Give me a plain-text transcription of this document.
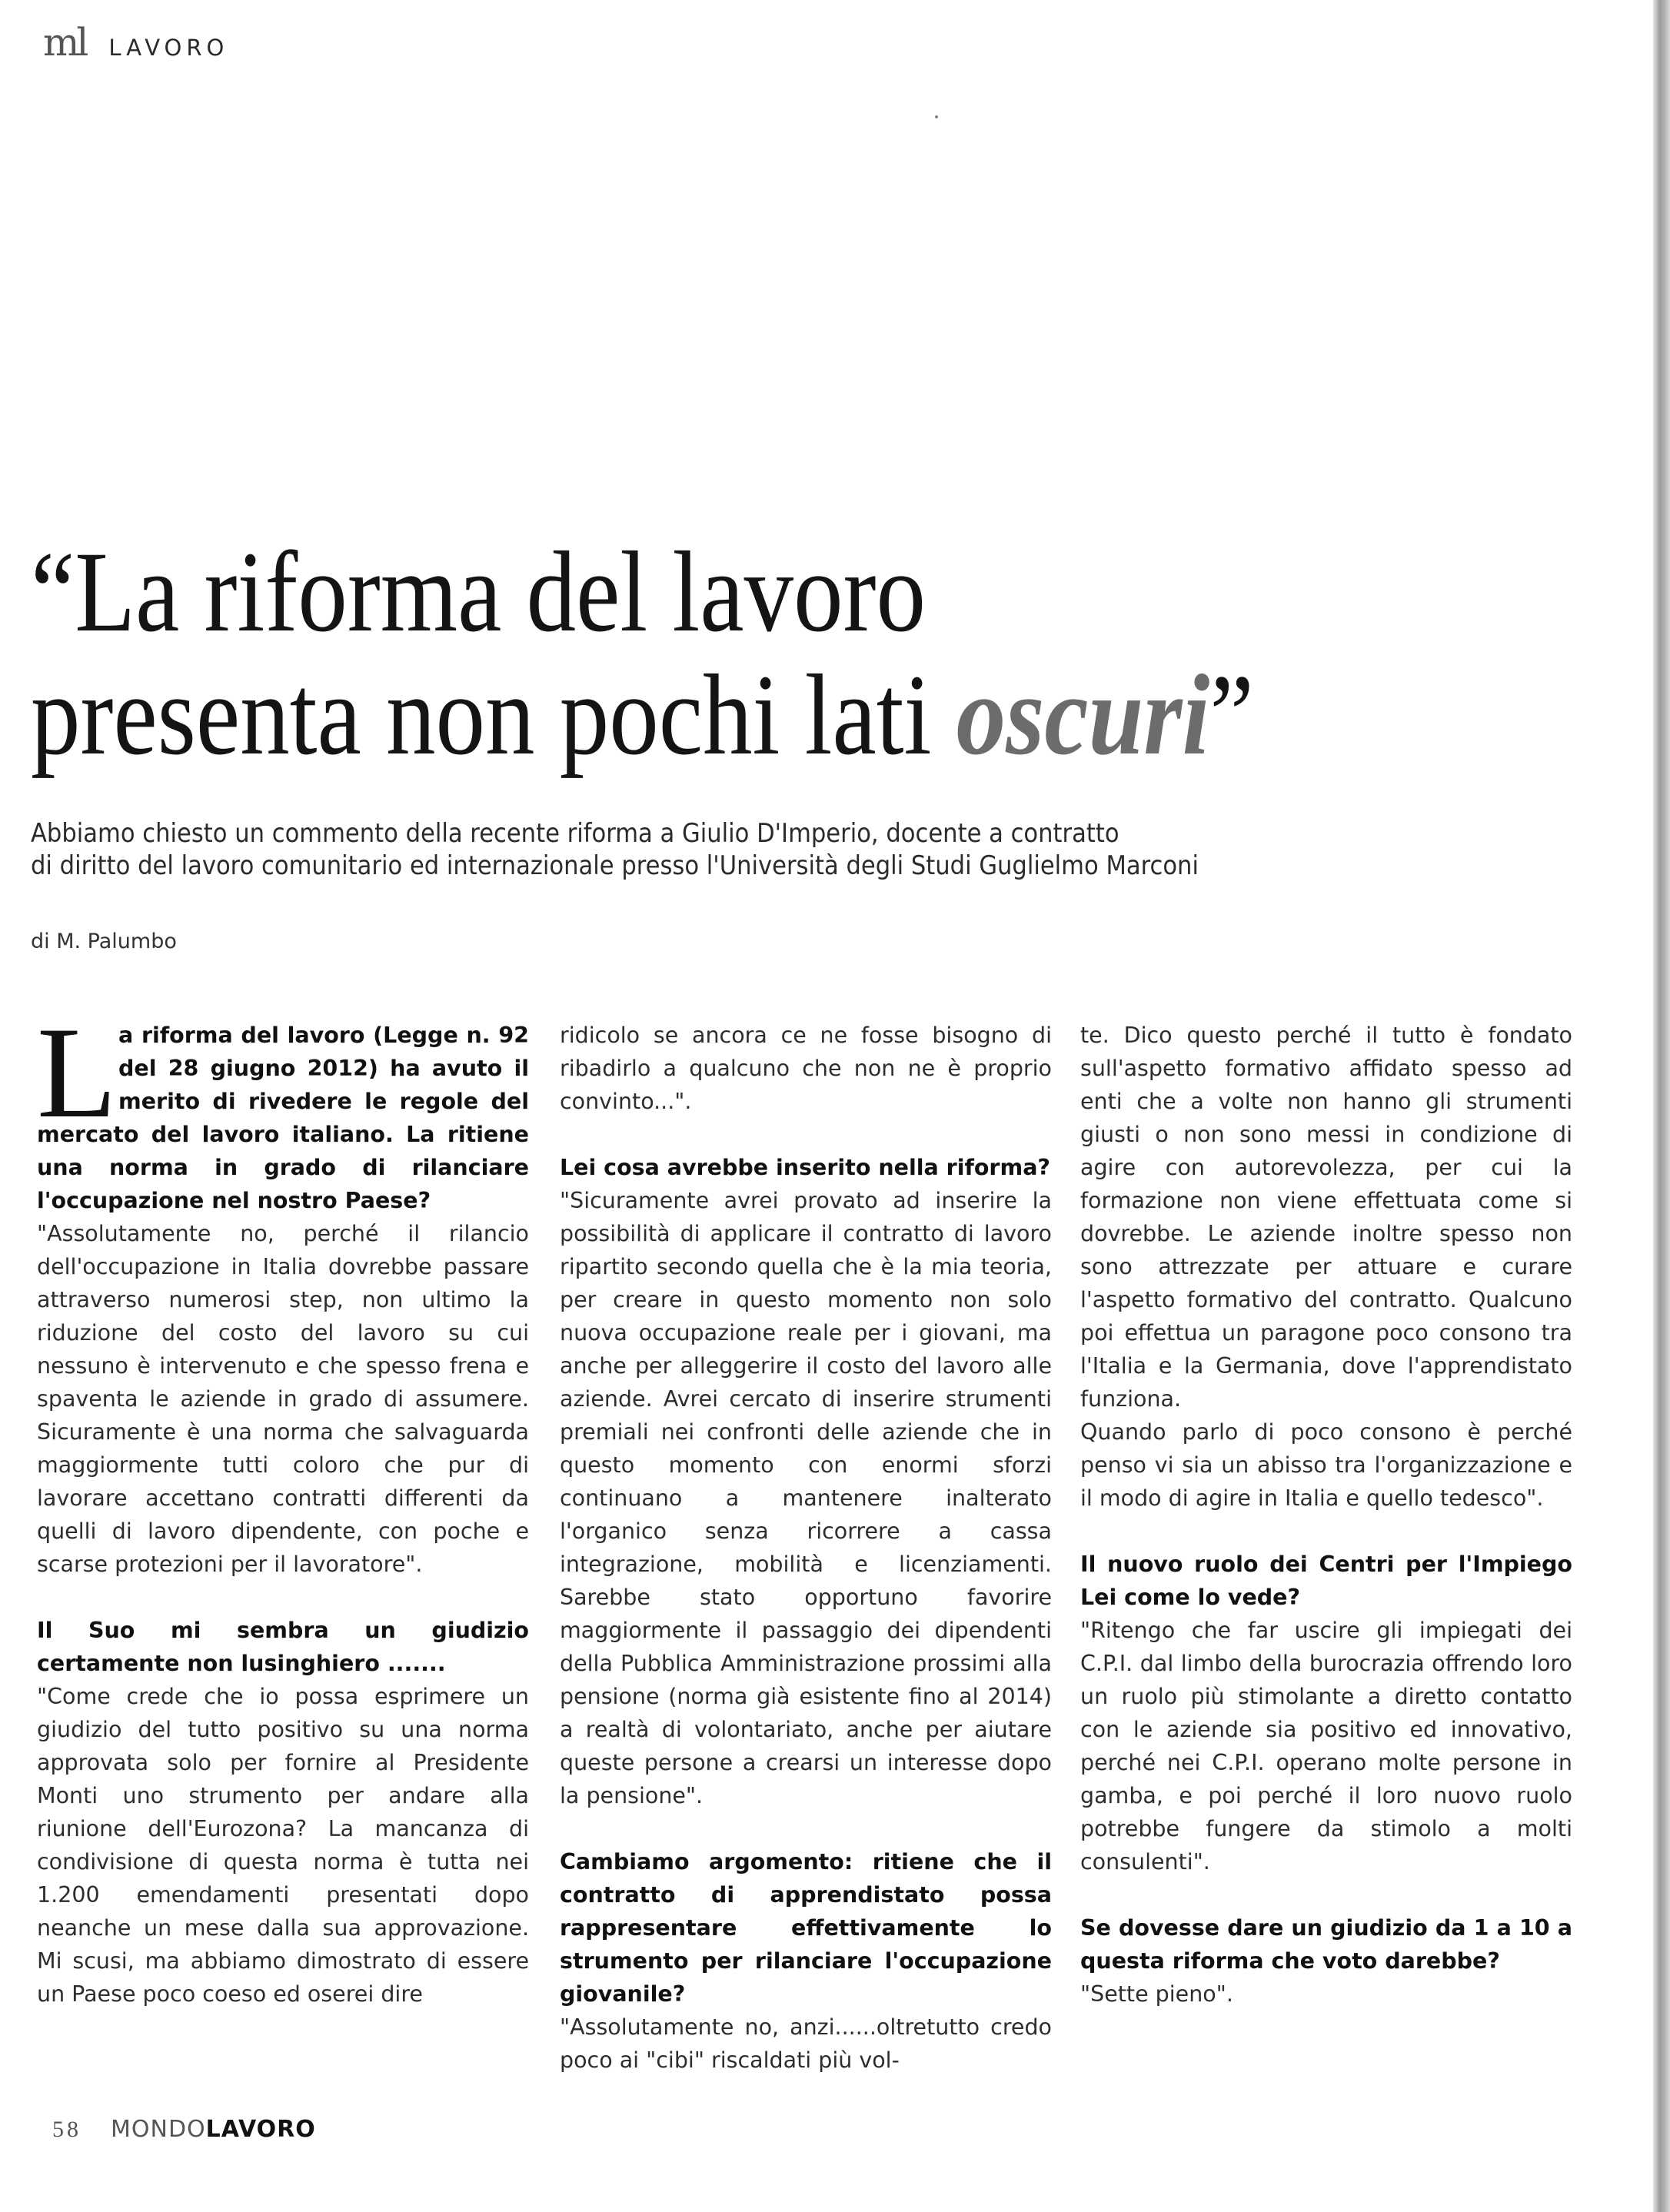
ml LAVORO
“La riforma del lavoro
presenta non pochi lati oscuri”
Abbiamo chiesto un commento della recente riforma a Giulio D'Imperio, docente a contratto
di diritto del lavoro comunitario ed internazionale presso l'Università degli Studi Guglielmo Marconi
di M. Palumbo
L a riforma del lavoro (Legge n. 92 del 28 giugno 2012) ha avuto il merito di rivedere le regole del mercato del lavoro italiano. La ritiene una norma in grado di rilanciare l'occupazione nel nostro Paese?

"Assolutamente no, perché il rilancio dell'occupazione in Italia dovrebbe passare attraverso numerosi step, non ultimo la riduzione del costo del lavoro su cui nessuno è intervenuto e che spesso frena e spaventa le aziende in grado di assumere. Sicuramente è una norma che salvaguarda maggiormente tutti coloro che pur di lavorare accettano contratti differenti da quelli di lavoro dipendente, con poche e scarse protezioni per il lavoratore".

Il Suo mi sembra un giudizio certamente non lusinghiero .......

"Come crede che io possa esprimere un giudizio del tutto positivo su una norma approvata solo per fornire al Presidente Monti uno strumento per andare alla riunione dell'Eurozona? La mancanza di condivisione di questa norma è tutta nei 1.200 emendamenti presentati dopo neanche un mese dalla sua approvazione. Mi scusi, ma abbiamo dimostrato di essere un Paese poco coeso ed oserei dire

ridicolo se ancora ce ne fosse bisogno di ribadirlo a qualcuno che non ne è proprio convinto...".

Lei cosa avrebbe inserito nella riforma?

"Sicuramente avrei provato ad inserire la possibilità di applicare il contratto di lavoro ripartito secondo quella che è la mia teoria, per creare in questo momento non solo nuova occupazione reale per i giovani, ma anche per alleggerire il costo del lavoro alle aziende. Avrei cercato di inserire strumenti premiali nei confronti delle aziende che in questo momento con enormi sforzi continuano a mantenere inalterato l'organico senza ricorrere a cassa integrazione, mobilità e licenziamenti. Sarebbe stato opportuno favorire maggiormente il passaggio dei dipendenti della Pubblica Amministrazione prossimi alla pensione (norma già esistente fino al 2014) a realtà di volontariato, anche per aiutare queste persone a crearsi un interesse dopo la pensione".

Cambiamo argomento: ritiene che il contratto di apprendistato possa rappresentare effettivamente lo strumento per rilanciare l'occupazione giovanile?

"Assolutamente no, anzi......oltretutto credo poco ai "cibi" riscaldati più vol-

te. Dico questo perché il tutto è fondato sull'aspetto formativo affidato spesso ad enti che a volte non hanno gli strumenti giusti o non sono messi in condizione di agire con autorevolezza, per cui la formazione non viene effettuata come si dovrebbe. Le aziende inoltre spesso non sono attrezzate per attuare e curare l'aspetto formativo del contratto. Qualcuno poi effettua un paragone poco consono tra l'Italia e la Germania, dove l'apprendistato funziona.

Quando parlo di poco consono è perché penso vi sia un abisso tra l'organizzazione e il modo di agire in Italia e quello tedesco".

Il nuovo ruolo dei Centri per l'Impiego Lei come lo vede?

"Ritengo che far uscire gli impiegati dei C.P.I. dal limbo della burocrazia offrendo loro un ruolo più stimolante a diretto contatto con le aziende sia positivo ed innovativo, perché nei C.P.I. operano molte persone in gamba, e poi perché il loro nuovo ruolo potrebbe fungere da stimolo a molti consulenti".

Se dovesse dare un giudizio da 1 a 10 a questa riforma che voto darebbe?

"Sette pieno".

58 MONDOLAVORO
